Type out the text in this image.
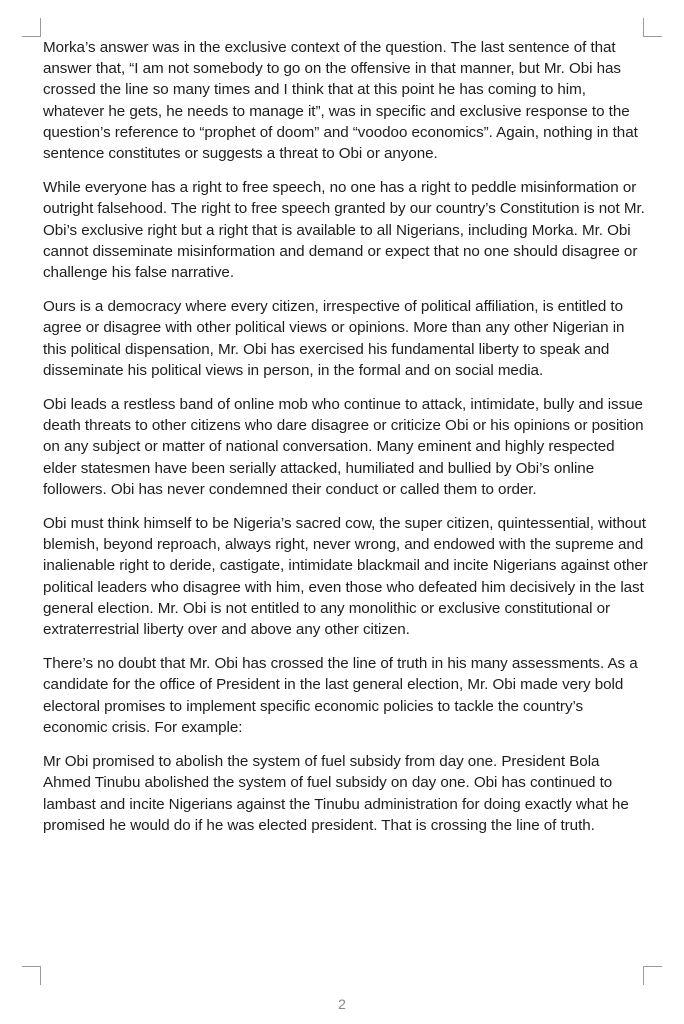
Morka’s answer was in the exclusive context of the question. The last sentence of that answer that, “I am not somebody to go on the offensive in that manner, but Mr. Obi has crossed the line so many times and I think that at this point he has coming to him, whatever he gets, he needs to manage it”, was in specific and exclusive response to the question’s reference to “prophet of doom” and “voodoo economics”. Again, nothing in that sentence constitutes or suggests a threat to Obi or anyone.

While everyone has a right to free speech, no one has a right to peddle misinformation or outright falsehood. The right to free speech granted by our country’s Constitution is not Mr. Obi’s exclusive right but a right that is available to all Nigerians, including Morka. Mr. Obi cannot disseminate misinformation and demand or expect that no one should disagree or challenge his false narrative.

Ours is a democracy where every citizen, irrespective of political affiliation, is entitled to agree or disagree with other political views or opinions. More than any other Nigerian in this political dispensation, Mr. Obi has exercised his fundamental liberty to speak and disseminate his political views in person, in the formal and on social media.

Obi leads a restless band of online mob who continue to attack, intimidate, bully and issue death threats to other citizens who dare disagree or criticize Obi or his opinions or position on any subject or matter of national conversation. Many eminent and highly respected elder statesmen have been serially attacked, humiliated and bullied by Obi’s online followers. Obi has never condemned their conduct or called them to order.

Obi must think himself to be Nigeria’s sacred cow, the super citizen, quintessential, without blemish, beyond reproach, always right, never wrong, and endowed with the supreme and inalienable right to deride, castigate, intimidate blackmail and incite Nigerians against other political leaders who disagree with him, even those who defeated him decisively in the last general election. Mr. Obi is not entitled to any monolithic or exclusive constitutional or extraterrestrial liberty over and above any other citizen.

There’s no doubt that Mr. Obi has crossed the line of truth in his many assessments. As a candidate for the office of President in the last general election, Mr. Obi made very bold electoral promises to implement specific economic policies to tackle the country’s economic crisis. For example:

Mr Obi promised to abolish the system of fuel subsidy from day one. President Bola Ahmed Tinubu abolished the system of fuel subsidy on day one. Obi has continued to lambast and incite Nigerians against the Tinubu administration for doing exactly what he promised he would do if he was elected president. That is crossing the line of truth.

2
